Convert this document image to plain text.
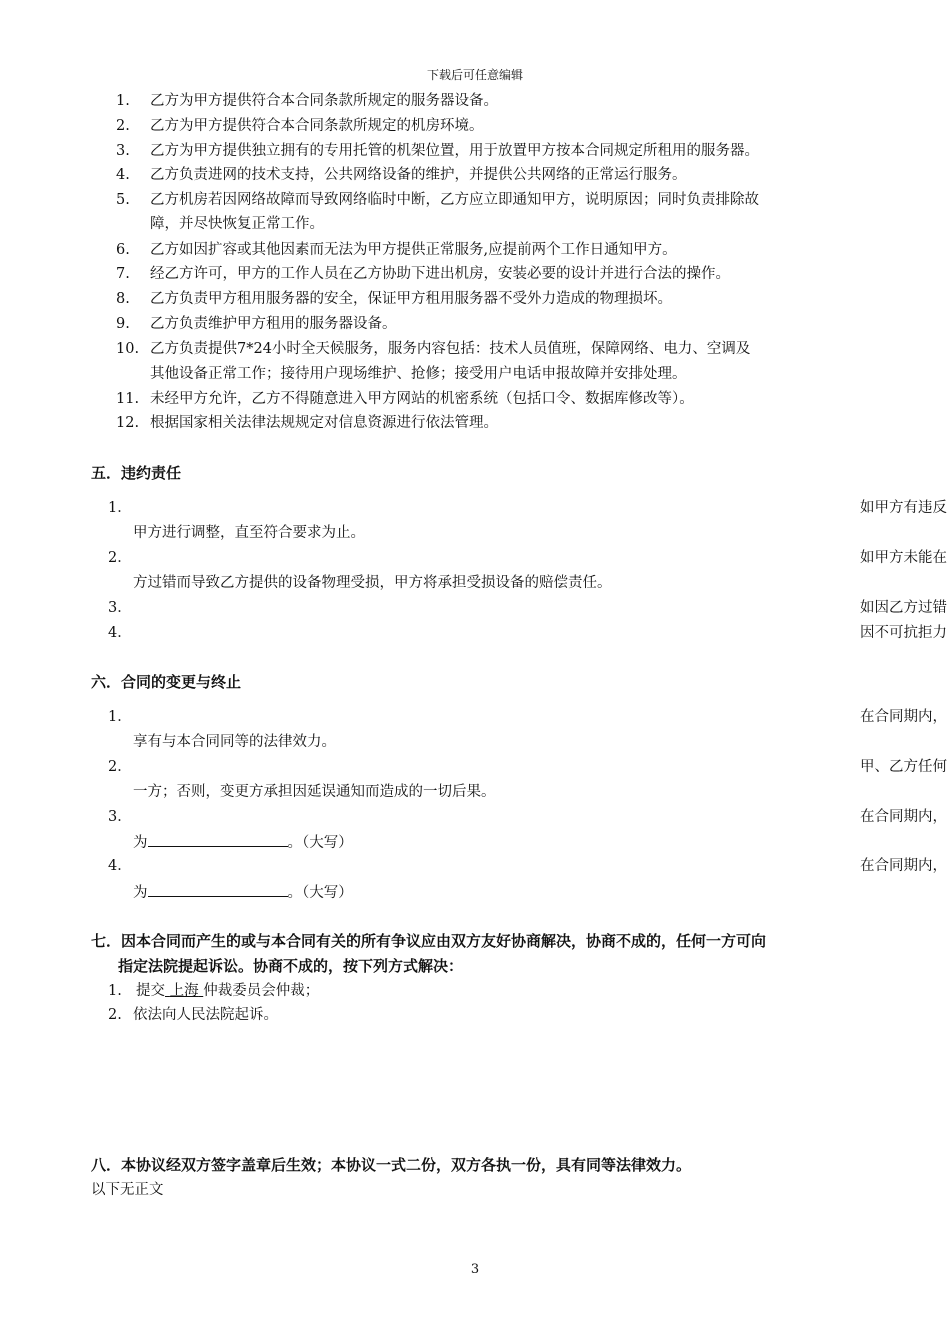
下载后可任意编辑
1. 乙方为甲方提供符合本合同条款所规定的服务器设备。
2. 乙方为甲方提供符合本合同条款所规定的机房环境。
3. 乙方为甲方提供独立拥有的专用托管的机架位置，用于放置甲方按本合同规定所租用的服务器。
4. 乙方负责进网的技术支持，公共网络设备的维护，并提供公共网络的正常运行服务。
5. 乙方机房若因网络故障而导致网络临时中断，乙方应立即通知甲方，说明原因；同时负责排除故
障，并尽快恢复正常工作。
6. 乙方如因扩容或其他因素而无法为甲方提供正常服务,应提前两个工作日通知甲方。
7. 经乙方许可，甲方的工作人员在乙方协助下进出机房，安装必要的设计并进行合法的操作。
8. 乙方负责甲方租用服务器的安全，保证甲方租用服务器不受外力造成的物理损坏。
9. 乙方负责维护甲方租用的服务器设备。
10. 乙方负责提供7*24小时全天候服务，服务内容包括：技术人员值班，保障网络、电力、空调及
其他设备正常工作；接待用户现场维护、抢修；接受用户电话申报故障并安排处理。
11. 未经甲方允许，乙方不得随意进入甲方网站的机密系统（包括口令、数据库修改等）。
12. 根据国家相关法律法规规定对信息资源进行依法管理。
五．违约责任
1．	如甲方有违反
甲方进行调整，直至符合要求为止。
2．	如甲方未能在
方过错而导致乙方提供的设备物理受损，甲方将承担受损设备的赔偿责任。
3．	如因乙方过错
4．	因不可抗拒力
六．合同的变更与终止
1．	在合同期内，
享有与本合同同等的法律效力。
2．	甲、乙方任何
一方；否则，变更方承担因延误通知而造成的一切后果。
3．	在合同期内，
为	。（大写）
4．	在合同期内，
为	。（大写）
七．因本合同而产生的或与本合同有关的所有争议应由双方友好协商解决，协商不成的，任何一方可向
指定法院提起诉讼。协商不成的，按下列方式解决：
1. 提交 上海 仲裁委员会仲裁；
2. 依法向人民法院起诉。
八．本协议经双方签字盖章后生效；本协议一式二份，双方各执一份，具有同等法律效力。
以下无正文
3
